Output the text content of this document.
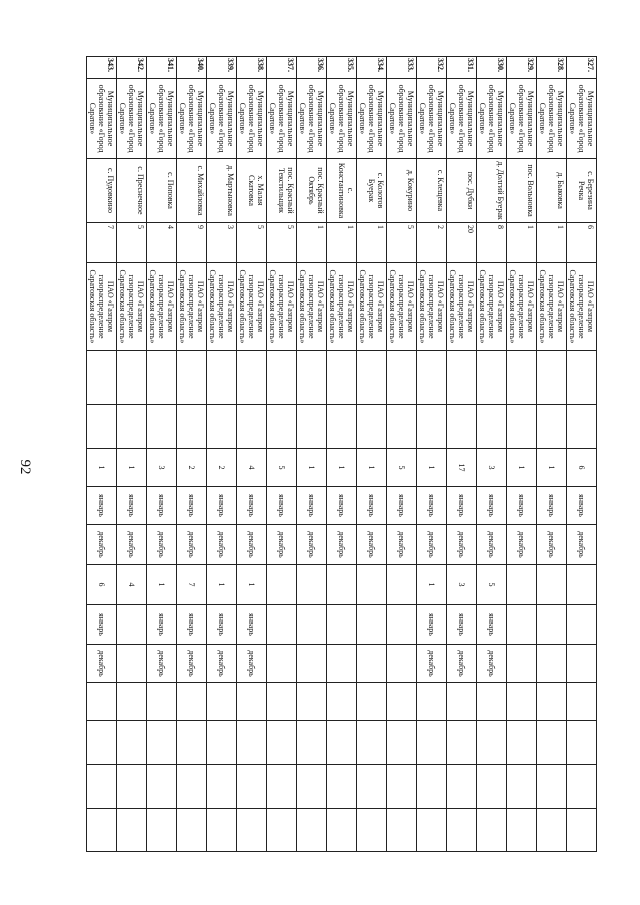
92
327.	Муниципальное образование «Город Саратов»	с. Березина Речка	6	ПАО «Газпром газораспределение Саратовская область»			6	январь	декабрь							
328.	Муниципальное образование «Город Саратов»	д. Быковка	1	ПАО «Газпром газораспределение Саратовская область»			1	январь	декабрь							
329.	Муниципальное образование «Город Саратов»	пос. Вольновка	1	ПАО «Газпром газораспределение Саратовская область»			1	январь	декабрь							
330.	Муниципальное образование «Город Саратов»	д. Долгий Буерак	8	ПАО «Газпром газораспределение Саратовская область»			3	январь	декабрь	5	январь	декабрь				
331.	Муниципальное образование «Город Саратов»	пос. Дубки	20	ПАО «Газпром газораспределение Саратовская область»			17	январь	декабрь	3	январь	декабрь				
332.	Муниципальное образование «Город Саратов»	с. Клещевка	2	ПАО «Газпром газораспределение Саратовская область»			1	январь	декабрь	1	январь	декабрь				
333.	Муниципальное образование «Город Саратов»	д. Кокурино	5	ПАО «Газпром газораспределение Саратовская область»			5	январь	декабрь							
334.	Муниципальное образование «Город Саратов»	с. Колотов Буерак	1	ПАО «Газпром газораспределение Саратовская область»			1	январь	декабрь							
335.	Муниципальное образование «Город Саратов»	с. Константиновка	1	ПАО «Газпром газораспределение Саратовская область»			1	январь	декабрь							
336.	Муниципальное образование «Город Саратов»	пос. Красный Октябрь	1	ПАО «Газпром газораспределение Саратовская область»			1	январь	декабрь							
337.	Муниципальное образование «Город Саратов»	пос. Красный Текстильщик	5	ПАО «Газпром газораспределение Саратовская область»			5	январь	декабрь							
338.	Муниципальное образование «Город Саратов»	х. Малая Скатовка	5	ПАО «Газпром газораспределение Саратовская область»			4	январь	декабрь	1	январь	декабрь				
339.	Муниципальное образование «Город Саратов»	д. Мартыновка	3	ПАО «Газпром газораспределение Саратовская область»			2	январь	декабрь	1	январь	декабрь				
340.	Муниципальное образование «Город Саратов»	с. Михайловка	9	ПАО «Газпром газораспределение Саратовская область»			2	январь	декабрь	7	январь	декабрь				
341.	Муниципальное образование «Город Саратов»	с. Поповка	4	ПАО «Газпром газораспределение Саратовская область»			3	январь	декабрь	1	январь	декабрь				
342.	Муниципальное образование «Город Саратов»	с. Преснечное	5	ПАО «Газпром газораспределение Саратовская область»			1	январь	декабрь	4						
343.	Муниципальное образование «Город Саратов»	с. Пудовкино	7	ПАО «Газпром газораспределение Саратовская область»			1	январь	декабрь	6	январь	декабрь				
